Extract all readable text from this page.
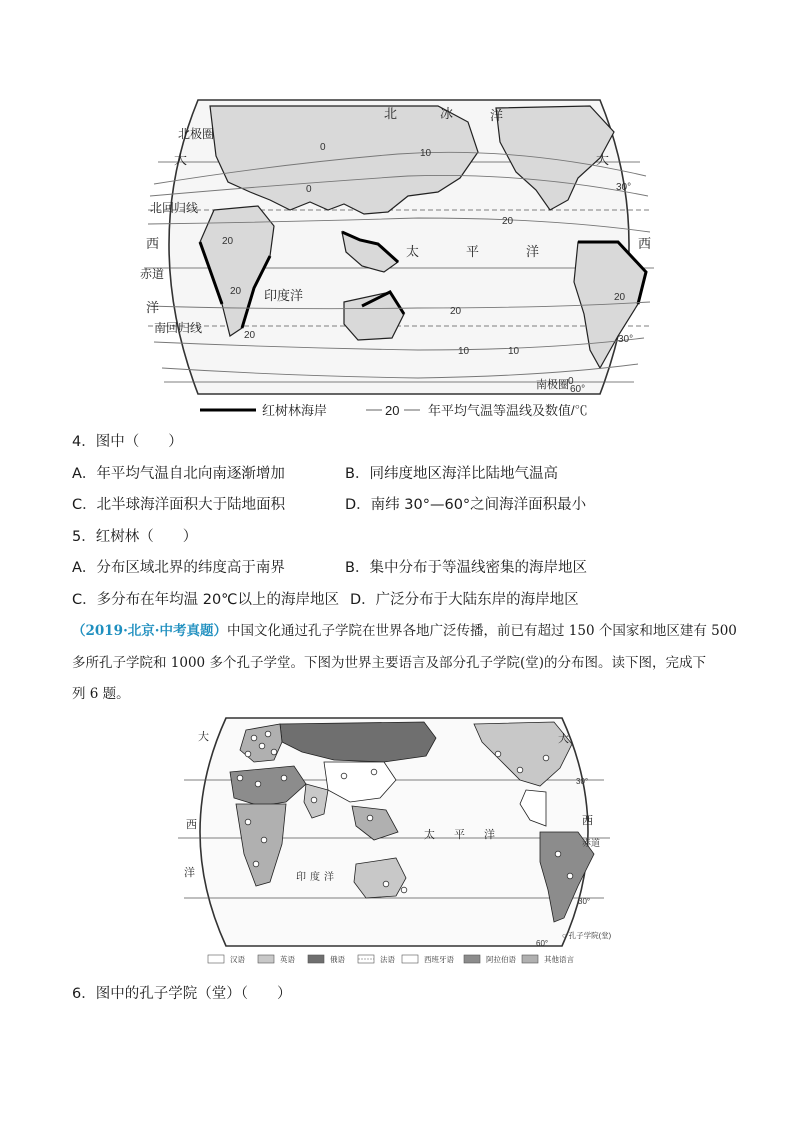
0
10
20
20
20
10
0
20
20
20
10
0
北	冰	洋
太	平	洋
印度洋
大
西
洋
大
西
北极圈
北回归线
赤道
南回归线
南极圈
30°
30°
60°
红树林海岸	20 年平均气温等温线及数值/℃
4．图中（　　）
A．年平均气温自北向南逐渐增加	B．同纬度地区海洋比陆地气温高
C．北半球海洋面积大于陆地面积	D．南纬 30°—60°之间海洋面积最小
5．红树林（　　）
A．分布区域北界的纬度高于南界	B．集中分布于等温线密集的海岸地区
C．多分布在年均温 20℃以上的海岸地区 D．广泛分布于大陆东岸的海岸地区
（2019·北京·中考真题）中国文化通过孔子学院在世界各地广泛传播，前已有超过 150 个国家和地区建有 500
多所孔子学院和 1000 多个孔子学堂。下图为世界主要语言及部分孔子学院(堂)的分布图。读下图，完成下
列 6 题。
大
西
洋
太 平 洋
印 度 洋
大
西
赤道
30°
30°
60°
○ 孔子学院(堂)
汉语	英语	俄语	法语	西班牙语	阿拉伯语	其他语言
6．图中的孔子学院（堂）（　　）
